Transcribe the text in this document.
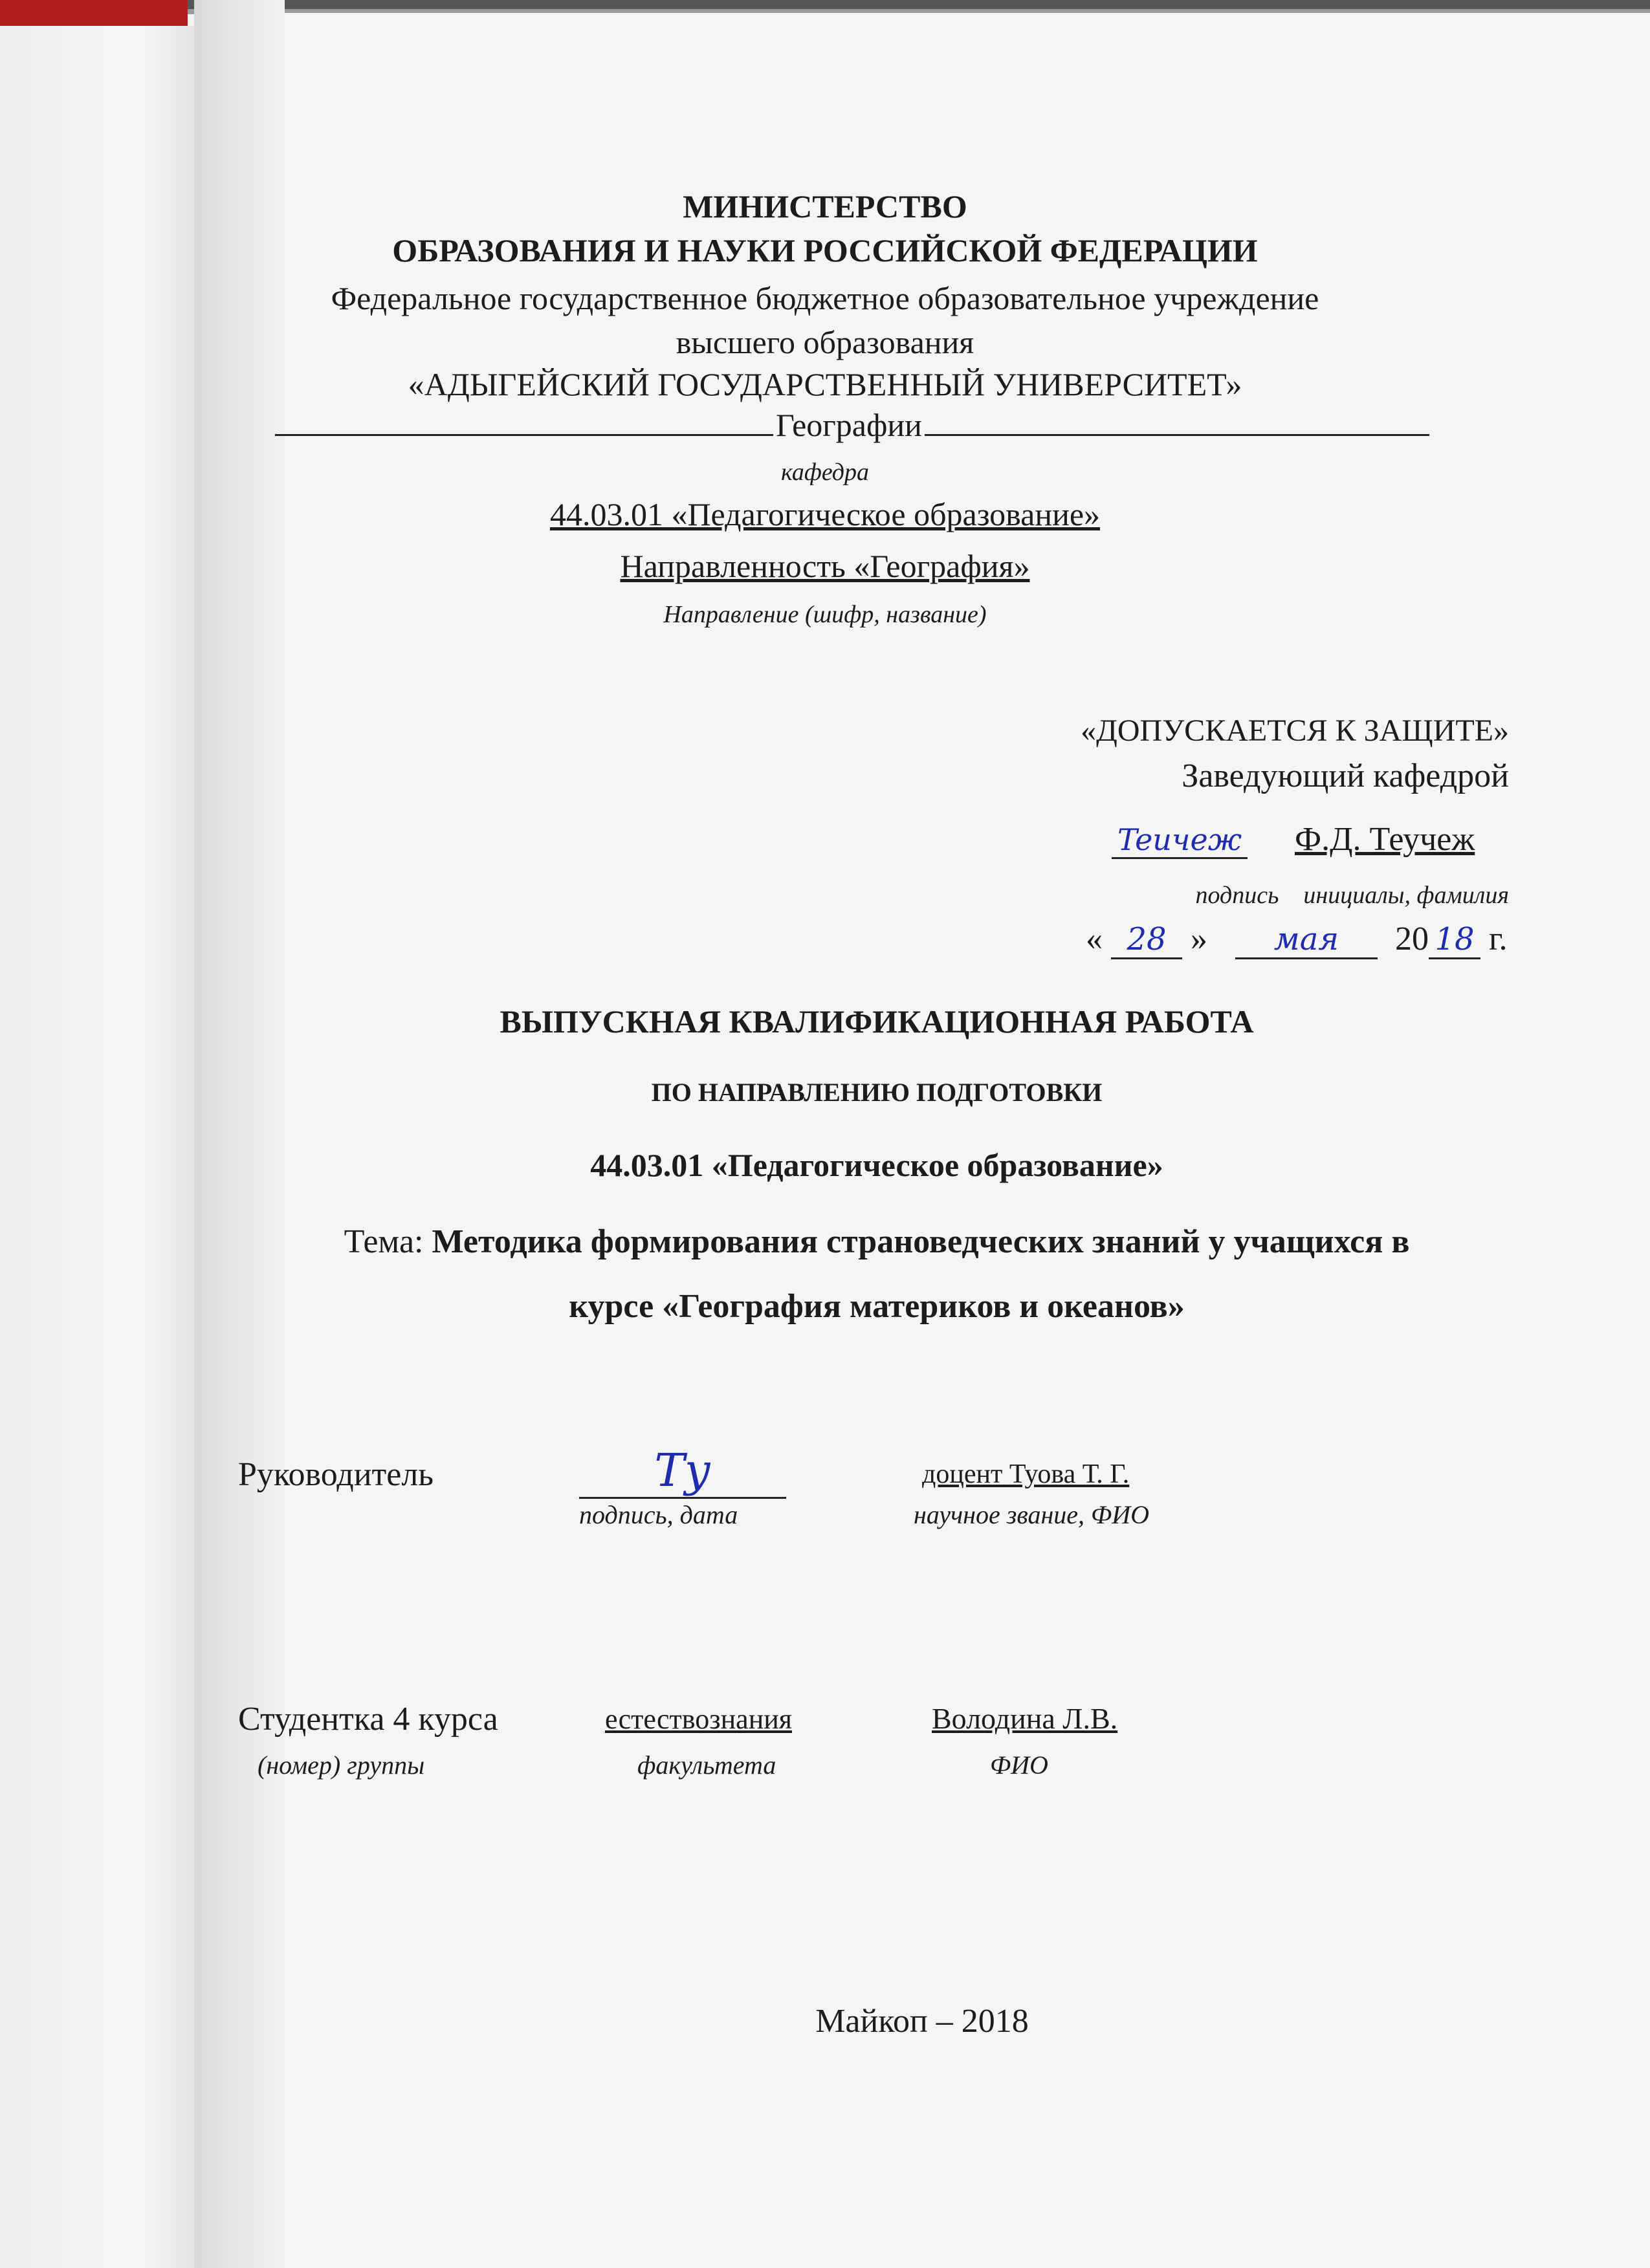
МИНИСТЕРСТВО
ОБРАЗОВАНИЯ И НАУКИ РОССИЙСКОЙ ФЕДЕРАЦИИ
Федеральное государственное бюджетное образовательное учреждение
высшего образования
«АДЫГЕЙСКИЙ ГОСУДАРСТВЕННЫЙ УНИВЕРСИТЕТ»
Географии
кафедра
44.03.01 «Педагогическое образование»
Направленность «География»
Направление (шифр, название)
«ДОПУСКАЕТСЯ К ЗАЩИТЕ»
Заведующий кафедрой
Teuчеж Ф.Д. Теучеж
подпись    инициалы, фамилия
« 28 » мая 20 18 г.
ВЫПУСКНАЯ КВАЛИФИКАЦИОННАЯ РАБОТА
ПО НАПРАВЛЕНИЮ ПОДГОТОВКИ
44.03.01 «Педагогическое образование»
Тема: Методика формирования страноведческих знаний у учащихся в
курсе «География материков и океанов»
Руководитель	Ту	доцент Туова Т. Г.
подпись, дата	научное звание, ФИО
Студентка 4 курса	естествознания	Володина Л.В.
(номер) группы	факультета	ФИО
Майкоп – 2018
